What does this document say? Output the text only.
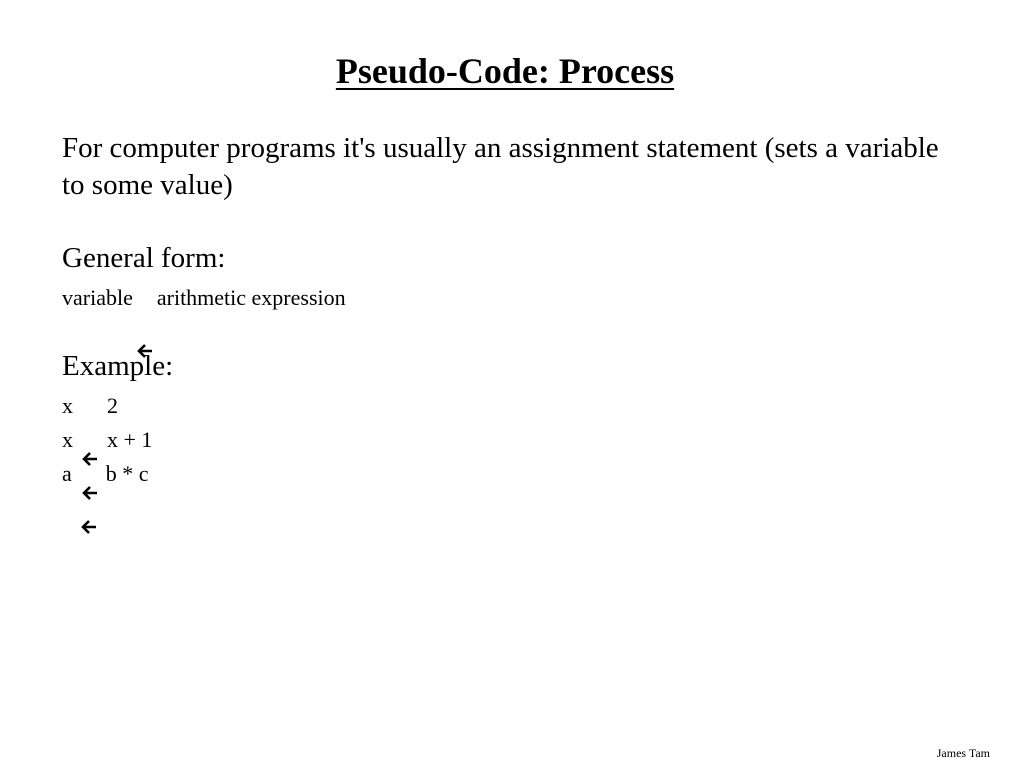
Pseudo-Code: Process
For computer programs it's usually an assignment statement (sets a variable to some value)
General form:
variable

arithmetic expression
Example:
x

2
x

x + 1
a

b * c
James Tam
